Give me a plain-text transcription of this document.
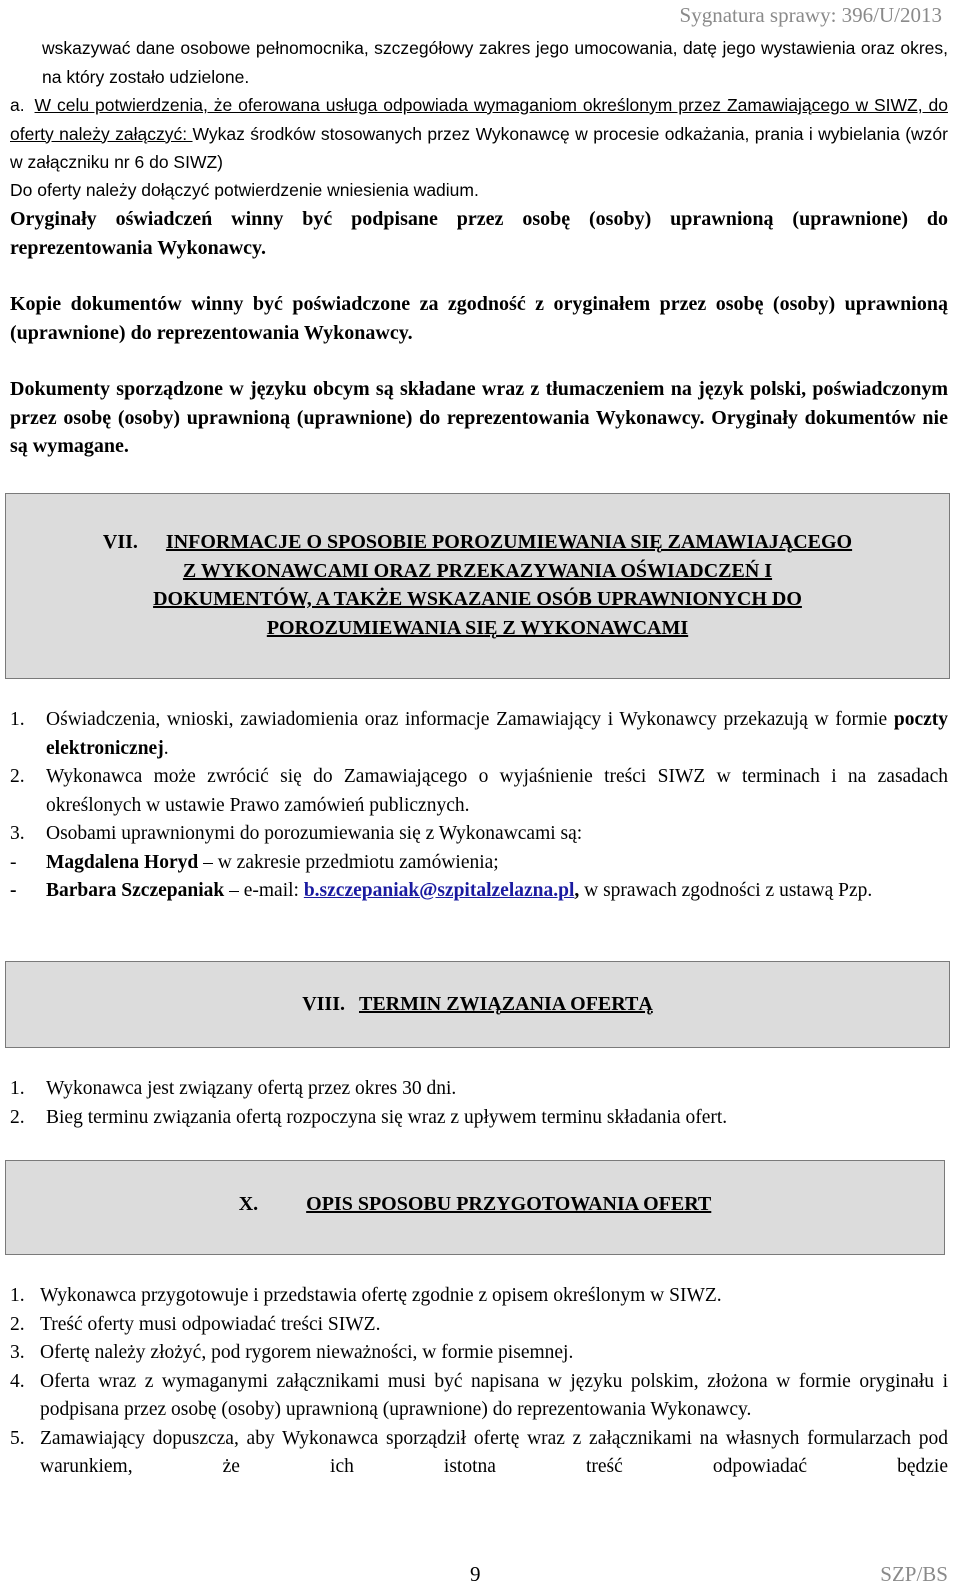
Sygnatura sprawy: 396/U/2013

wskazywać dane osobowe pełnomocnika, szczegółowy zakres jego umocowania, datę jego wystawienia oraz okres, na który zostało udzielone.

a. W celu potwierdzenia, że oferowana usługa odpowiada wymaganiom określonym przez Zamawiającego w SIWZ, do oferty należy załączyć: Wykaz środków stosowanych przez Wykonawcę w procesie odkażania, prania i wybielania (wzór w załączniku nr 6 do SIWZ)
Do oferty należy dołączyć potwierdzenie wniesienia wadium.
Oryginały oświadczeń winny być podpisane przez osobę (osoby) uprawnioną (uprawnione) do reprezentowania Wykonawcy.
Kopie dokumentów winny być poświadczone za zgodność z oryginałem przez osobę (osoby) uprawnioną (uprawnione) do reprezentowania Wykonawcy.
Dokumenty sporządzone w języku obcym są składane wraz z tłumaczeniem na język polski, poświadczonym przez osobę (osoby) uprawnioną (uprawnione) do reprezentowania Wykonawcy. Oryginały dokumentów nie są wymagane.
VII. INFORMACJE O SPOSOBIE POROZUMIEWANIA SIĘ ZAMAWIAJĄCEGO
Z WYKONAWCAMI ORAZ PRZEKAZYWANIA OŚWIADCZEŃ I
DOKUMENTÓW, A TAKŻE WSKAZANIE OSÓB UPRAWNIONYCH DO
POROZUMIEWANIA SIĘ Z WYKONAWCAMI
1. Oświadczenia, wnioski, zawiadomienia oraz informacje Zamawiający i Wykonawcy przekazują w formie poczty elektronicznej.
2. Wykonawca może zwrócić się do Zamawiającego o wyjaśnienie treści SIWZ w terminach i na zasadach określonych w ustawie Prawo zamówień publicznych.
3. Osobami uprawnionymi do porozumiewania się z Wykonawcami są:
- Magdalena Horyd – w zakresie przedmiotu zamówienia;
- Barbara Szczepaniak – e-mail: b.szczepaniak@szpitalzelazna.pl, w sprawach zgodności z ustawą Pzp.
VIII. TERMIN ZWIĄZANIA OFERTĄ
1. Wykonawca jest związany ofertą przez okres 30 dni.
2. Bieg terminu związania ofertą rozpoczyna się wraz z upływem terminu składania ofert.
X. OPIS SPOSOBU PRZYGOTOWANIA OFERT
1. Wykonawca przygotowuje i przedstawia ofertę zgodnie z opisem określonym w SIWZ.
2. Treść oferty musi odpowiadać treści SIWZ.
3. Ofertę należy złożyć, pod rygorem nieważności, w formie pisemnej.
4. Oferta wraz z wymaganymi załącznikami musi być napisana w języku polskim, złożona w formie oryginału i podpisana przez osobę (osoby) uprawnioną (uprawnione) do reprezentowania Wykonawcy.
5. Zamawiający dopuszcza, aby Wykonawca sporządził ofertę wraz z załącznikami na własnych formularzach pod warunkiem, że ich istotna treść odpowiadać będzie
9	SZP/BS
